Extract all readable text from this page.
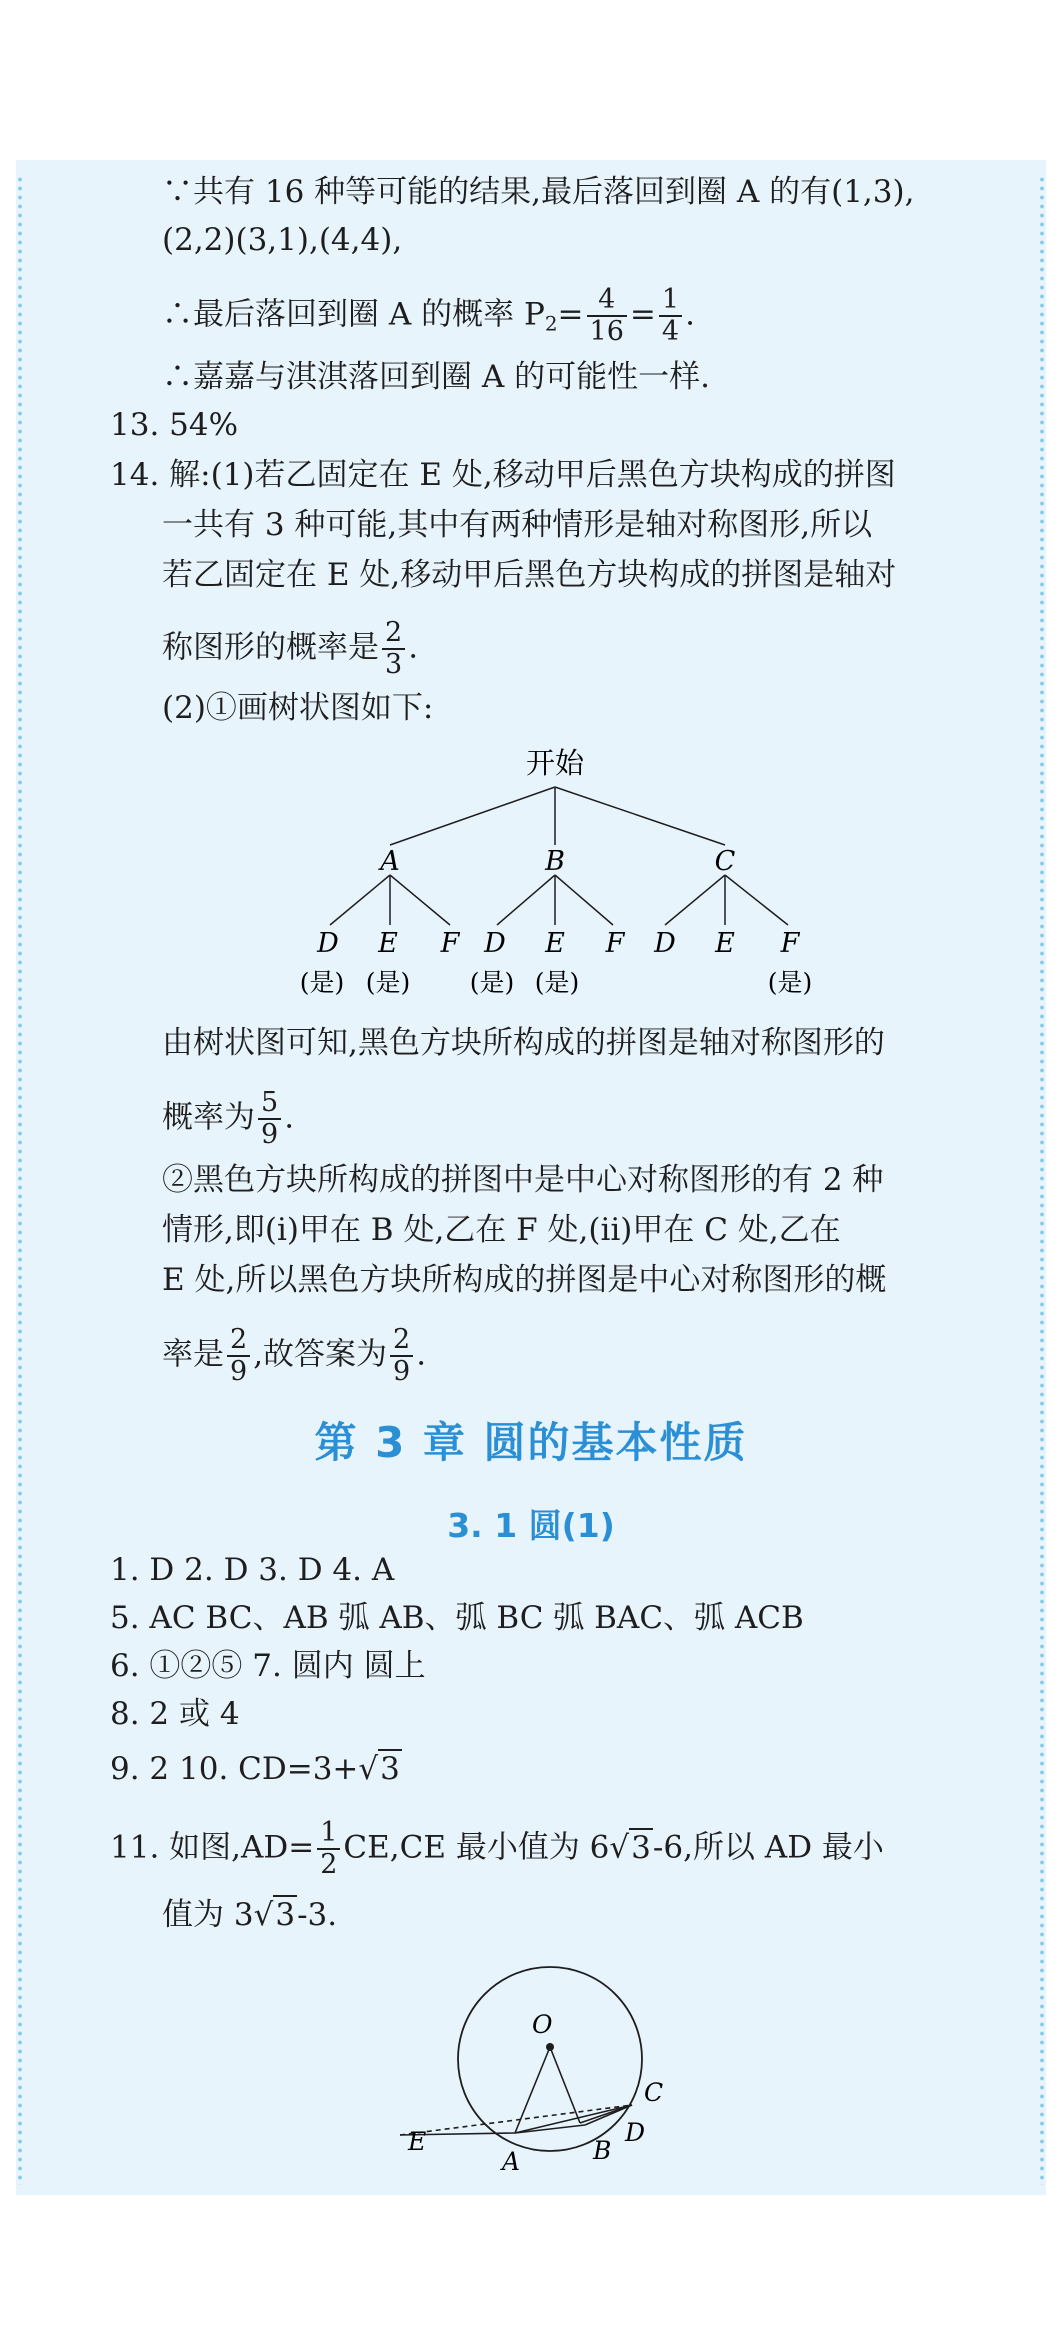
∵共有 16 种等可能的结果,最后落回到圈 A 的有(1,3),
(2,2)(3,1),(4,4),
∴最后落回到圈 A 的概率 $P_2= \frac{4}{16} = \frac{1}{4}$ .
∴嘉嘉与淇淇落回到圈 A 的可能性一样.
13. 54%
14. 解:(1)若乙固定在 E 处,移动甲后黑色方块构成的拼图
一共有 3 种可能,其中有两种情形是轴对称图形,所以
若乙固定在 E 处,移动甲后黑色方块构成的拼图是轴对
称图形的概率是 $\frac{2}{3}$ .
(2)①画树状图如下:
开始
A	B	C
D E F D E F D E F
(是) (是) (是) (是)	(是)
由树状图可知,黑色方块所构成的拼图是轴对称图形的
概率为 $\frac{5}{9}$ .
②黑色方块所构成的拼图中是中心对称图形的有 2 种
情形,即(ⅰ)甲在 B 处,乙在 F 处,(ⅱ)甲在 C 处,乙在
E 处,所以黑色方块所构成的拼图是中心对称图形的概
率是 $\frac{2}{9}$ ,故答案为 $\frac{2}{9}$ .
第 3 章 圆的基本性质
3. 1 圆(1)
1. D 2. D 3. D 4. A
5. AC BC、AB 弧 AB、弧 BC 弧 BAC、弧 ACB
6. ①②⑤ 7. 圆内 圆上
8. 2 或 4
9. 2 10. CD=3+√3
11. 如图$,AD= \frac{1}{2} CE,CE$ 最小值为 6√3-6,所以 AD 最小
值为 3√3-3.
O
C
D
B
A
E
